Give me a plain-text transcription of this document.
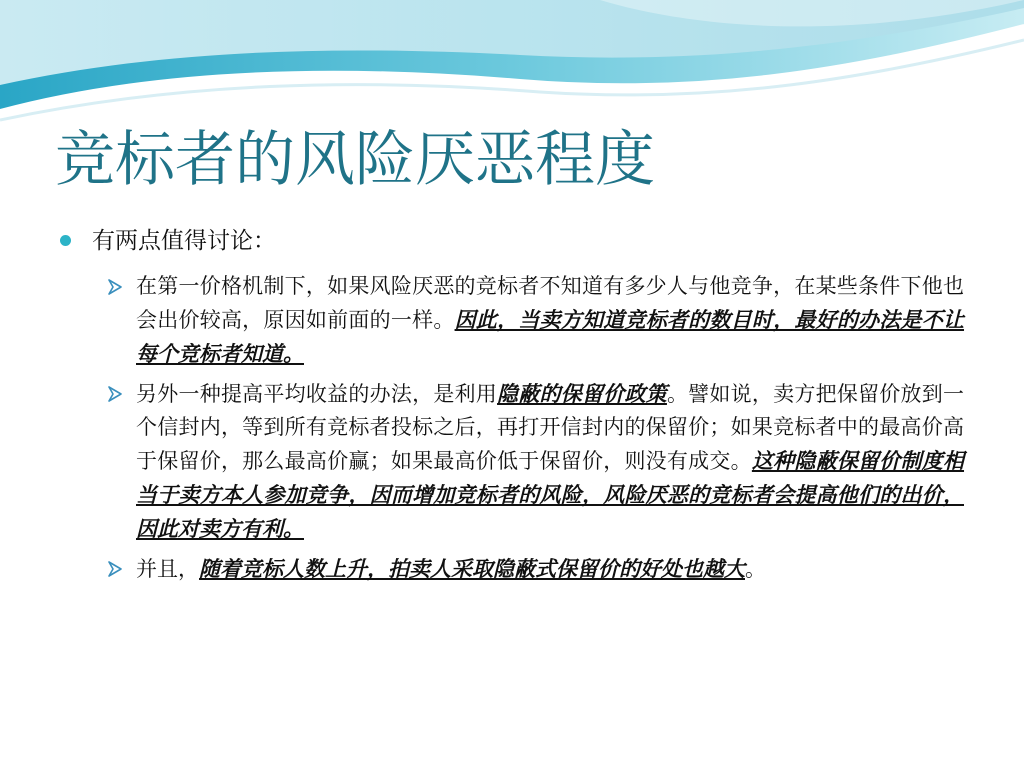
竞标者的风险厌恶程度
有两点值得讨论：
在第一价格机制下，如果风险厌恶的竞标者不知道有多少人与他竞争，在某些条件下他也会出价较高，原因如前面的一样。因此，当卖方知道竞标者的数目时，最好的办法是不让每个竞标者知道。
另外一种提高平均收益的办法，是利用隐蔽的保留价政策。譬如说，卖方把保留价放到一个信封内，等到所有竞标者投标之后，再打开信封内的保留价；如果竞标者中的最高价高于保留价，那么最高价赢；如果最高价低于保留价，则没有成交。这种隐蔽保留价制度相当于卖方本人参加竞争，因而增加竞标者的风险，风险厌恶的竞标者会提高他们的出价，因此对卖方有利。
并且，随着竞标人数上升，拍卖人采取隐蔽式保留价的好处也越大。
